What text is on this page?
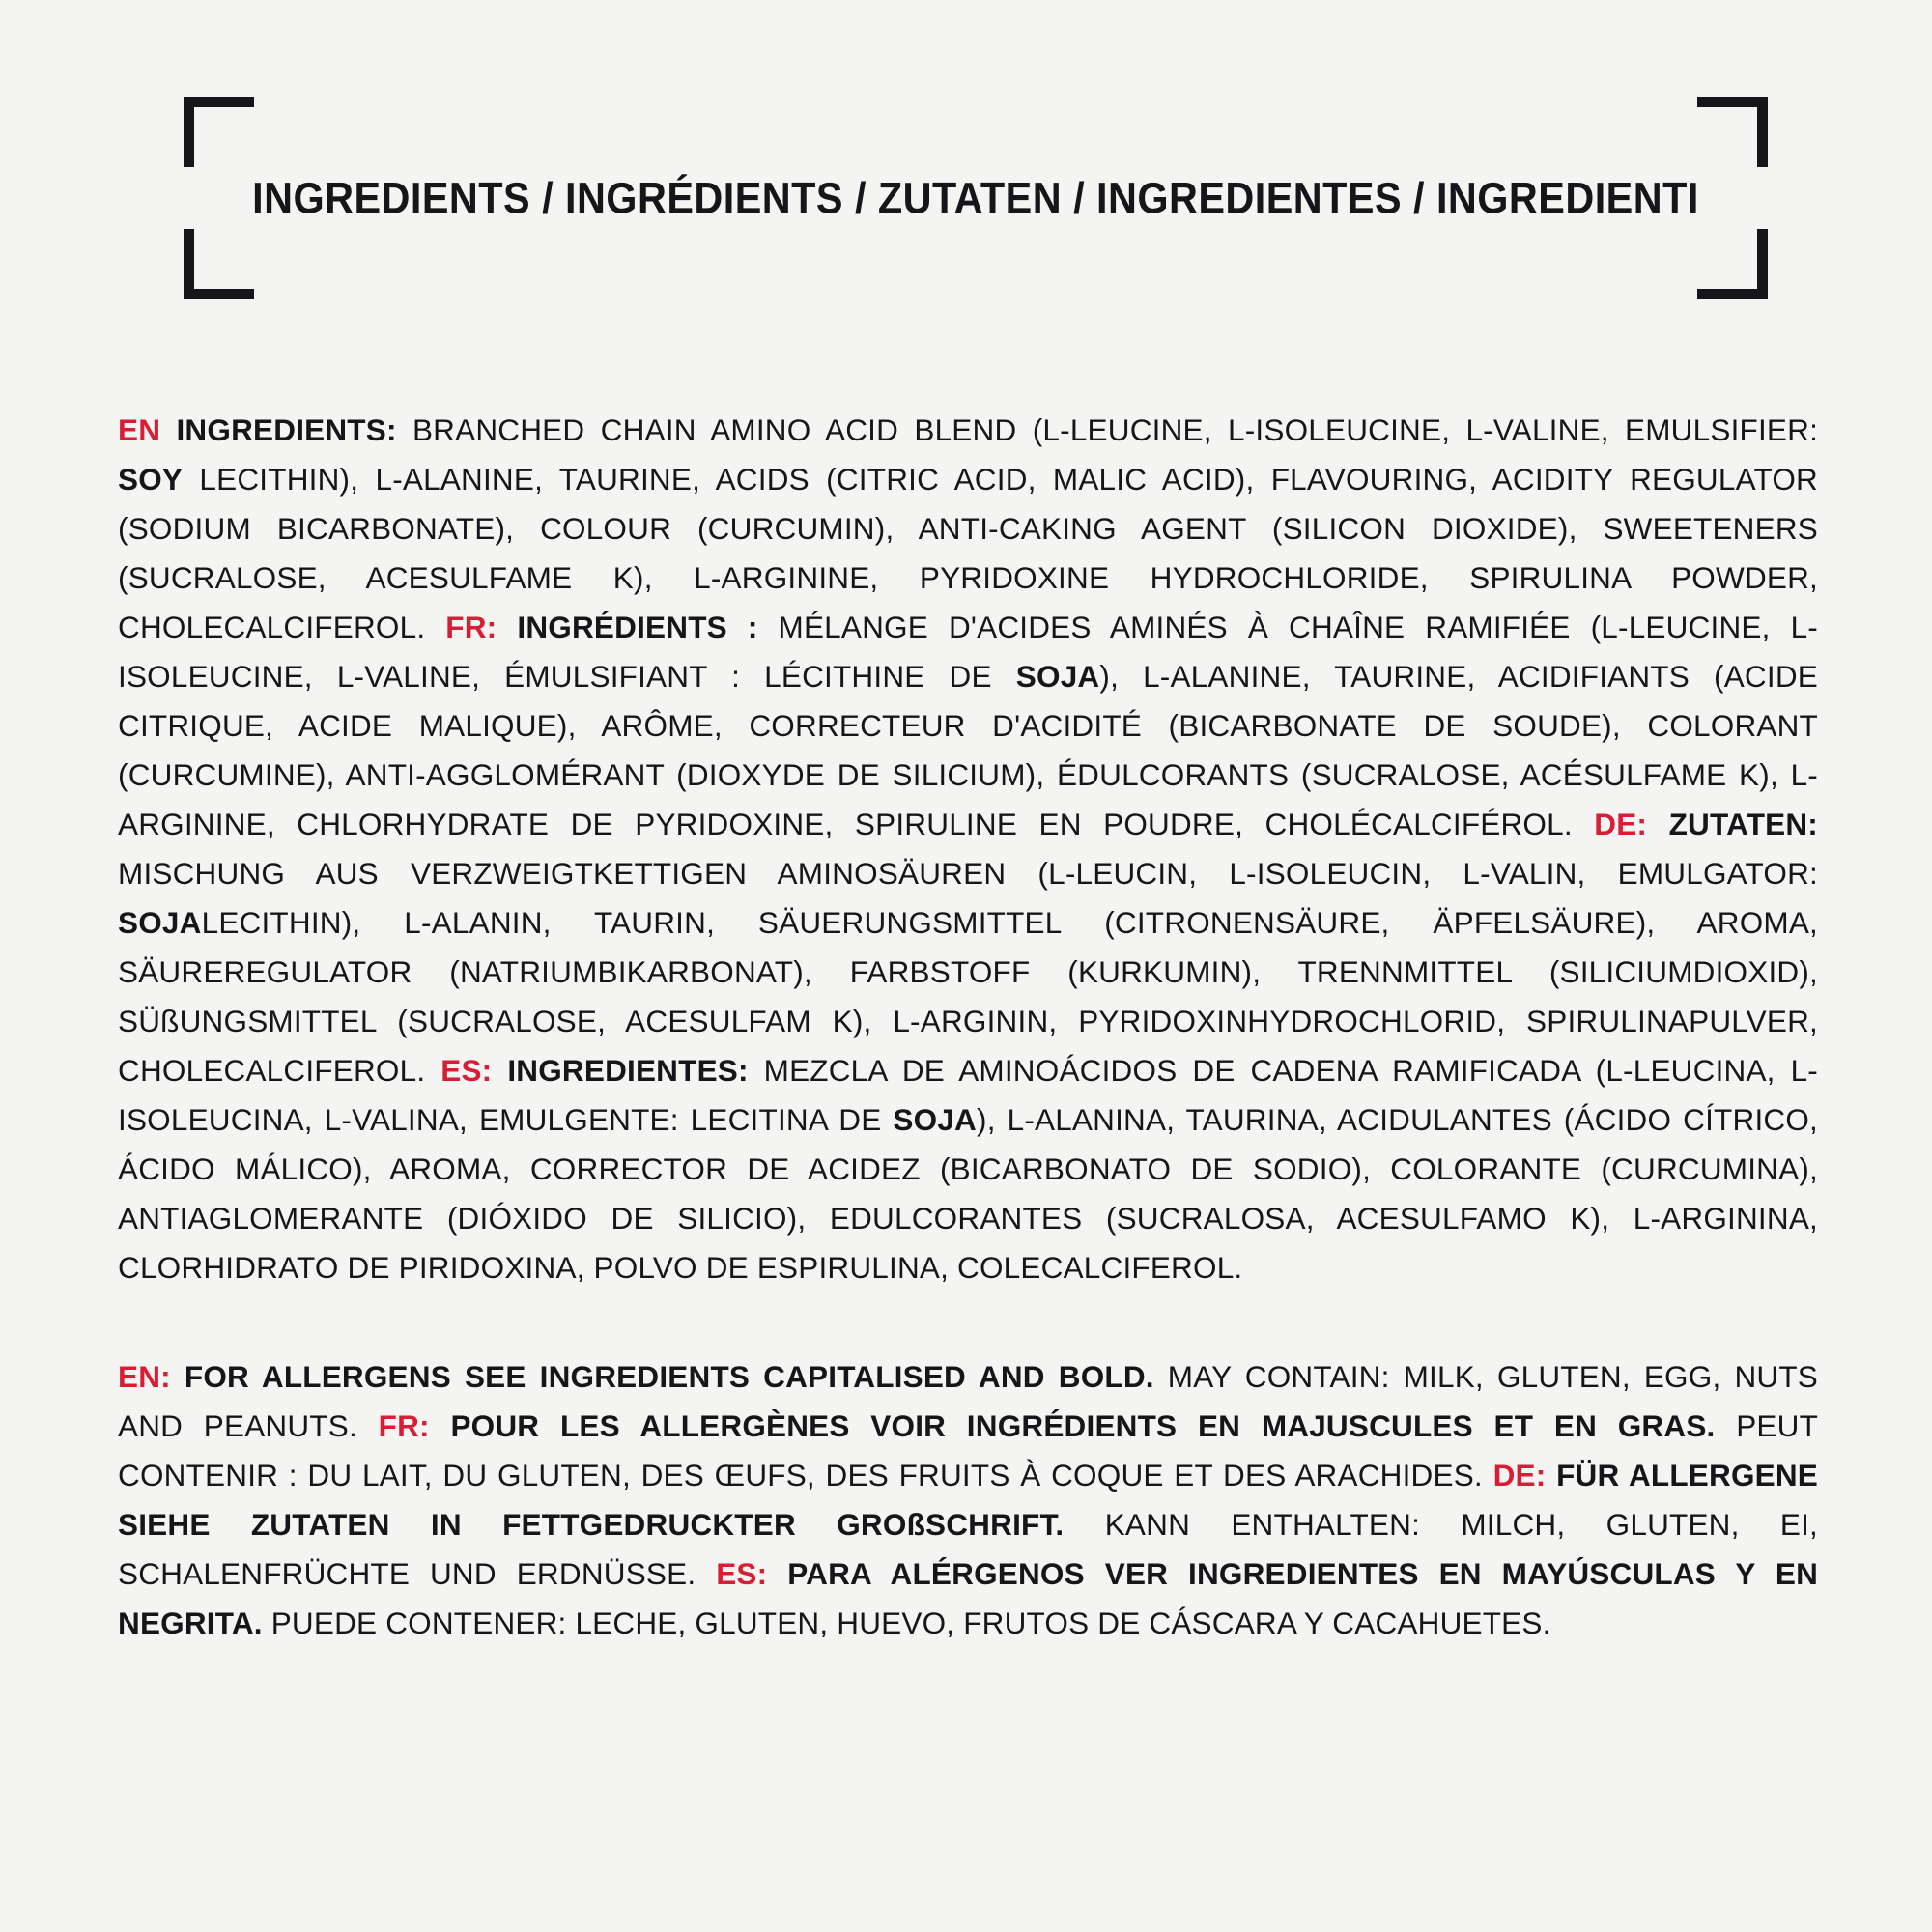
INGREDIENTS / INGRÉDIENTS / ZUTATEN / INGREDIENTES / INGREDIENTI
EN INGREDIENTS: BRANCHED CHAIN AMINO ACID BLEND (L-LEUCINE, L-ISOLEUCINE, L-VALINE, EMULSIFIER: SOY LECITHIN), L-ALANINE, TAURINE, ACIDS (CITRIC ACID, MALIC ACID), FLAVOURING, ACIDITY REGULATOR (SODIUM BICARBONATE), COLOUR (CURCUMIN), ANTI-CAKING AGENT (SILICON DIOXIDE), SWEETENERS (SUCRALOSE, ACESULFAME K), L-ARGININE, PYRIDOXINE HYDROCHLORIDE, SPIRULINA POWDER, CHOLECALCIFEROL. FR: INGRÉDIENTS : MÉLANGE D'ACIDES AMINÉS À CHAÎNE RAMIFIÉE (L-LEUCINE, L-ISOLEUCINE, L-VALINE, ÉMULSIFIANT : LÉCITHINE DE SOJA), L-ALANINE, TAURINE, ACIDIFIANTS (ACIDE CITRIQUE, ACIDE MALIQUE), ARÔME, CORRECTEUR D'ACIDITÉ (BICARBONATE DE SOUDE), COLORANT (CURCUMINE), ANTI-AGGLOMÉRANT (DIOXYDE DE SILICIUM), ÉDULCORANTS (SUCRALOSE, ACÉSULFAME K), L-ARGININE, CHLORHYDRATE DE PYRIDOXINE, SPIRULINE EN POUDRE, CHOLÉCALCIFÉROL. DE: ZUTATEN: MISCHUNG AUS VERZWEIGTKETTIGEN AMINOSÄUREN (L-LEUCIN, L-ISOLEUCIN, L-VALIN, EMULGATOR: SOJALECITHIN), L-ALANIN, TAURIN, SÄUERUNGSMITTEL (CITRONENSÄURE, ÄPFELSÄURE), AROMA, SÄUREREGULATOR (NATRIUMBIKARBONAT), FARBSTOFF (KURKUMIN), TRENNMITTEL (SILICIUMDIOXID), SÜßUNGSMITTEL (SUCRALOSE, ACESULFAM K), L-ARGININ, PYRIDOXINHYDROCHLORID, SPIRULINAPULVER, CHOLECALCIFEROL. ES: INGREDIENTES: MEZCLA DE AMINOÁCIDOS DE CADENA RAMIFICADA (L-LEUCINA, L-ISOLEUCINA, L-VALINA, EMULGENTE: LECITINA DE SOJA), L-ALANINA, TAURINA, ACIDULANTES (ÁCIDO CÍTRICO, ÁCIDO MÁLICO), AROMA, CORRECTOR DE ACIDEZ (BICARBONATO DE SODIO), COLORANTE (CURCUMINA), ANTIAGLOMERANTE (DIÓXIDO DE SILICIO), EDULCORANTES (SUCRALOSA, ACESULFAMO K), L-ARGININA, CLORHIDRATO DE PIRIDOXINA, POLVO DE ESPIRULINA, COLECALCIFEROL.
EN: FOR ALLERGENS SEE INGREDIENTS CAPITALISED AND BOLD. MAY CONTAIN: MILK, GLUTEN, EGG, NUTS AND PEANUTS. FR: POUR LES ALLERGÈNES VOIR INGRÉDIENTS EN MAJUSCULES ET EN GRAS. PEUT CONTENIR : DU LAIT, DU GLUTEN, DES ŒUFS, DES FRUITS À COQUE ET DES ARACHIDES. DE: FÜR ALLERGENE SIEHE ZUTATEN IN FETTGEDRUCKTER GROßSCHRIFT. KANN ENTHALTEN: MILCH, GLUTEN, EI, SCHALENFRÜCHTE UND ERDNÜSSE. ES: PARA ALÉRGENOS VER INGREDIENTES EN MAYÚSCULAS Y EN NEGRITA. PUEDE CONTENER: LECHE, GLUTEN, HUEVO, FRUTOS DE CÁSCARA Y CACAHUETES.
